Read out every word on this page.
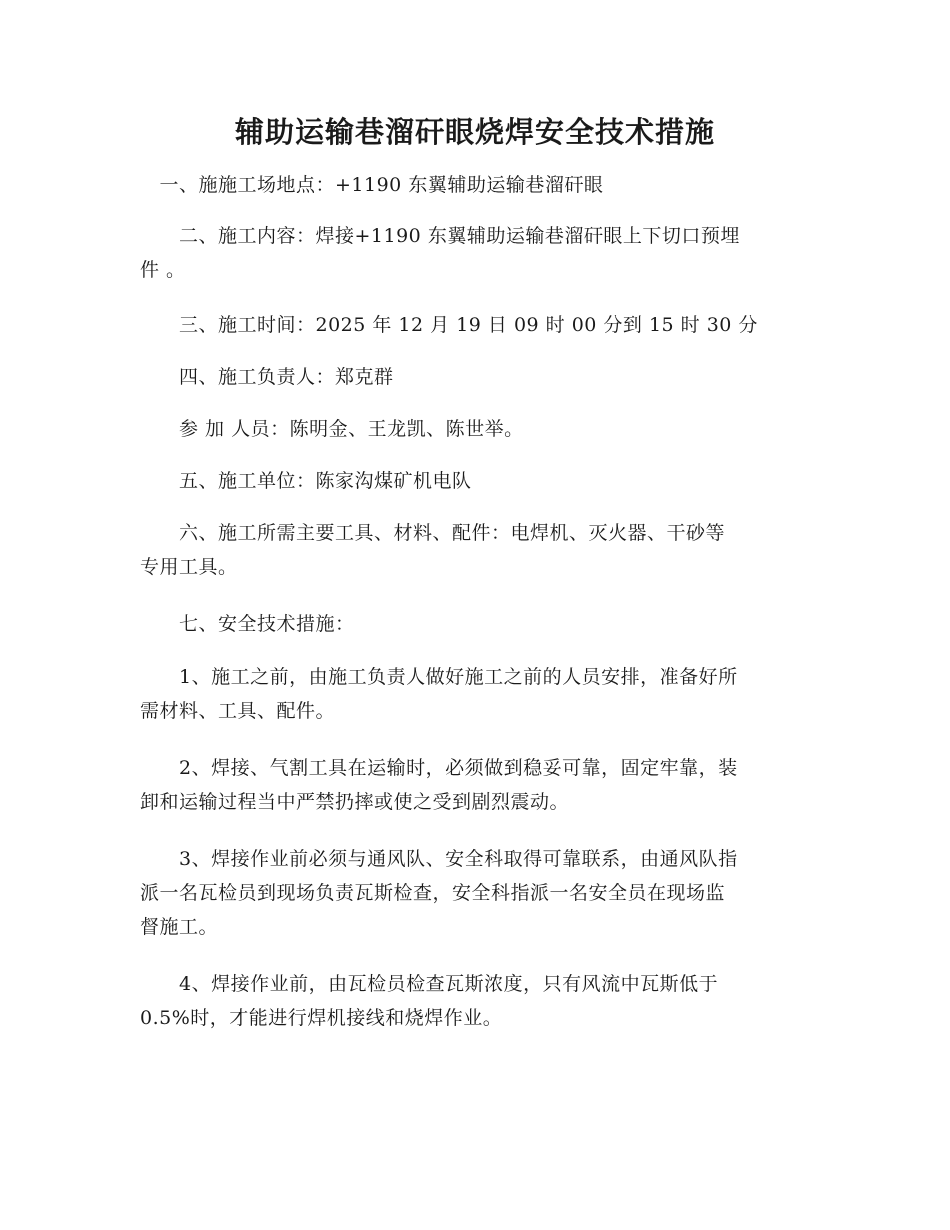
辅助运输巷溜矸眼烧焊安全技术措施
　一、施施工场地点：+1190 东翼辅助运输巷溜矸眼
　　二、施工内容：焊接+1190 东翼辅助运输巷溜矸眼上下切口预埋
件 。
　　三、施工时间：2025 年 12 月 19 日 09 时 00 分到 15 时 30 分
　　四、施工负责人：郑克群
　　参 加 人员：陈明金、王龙凯、陈世举。
　　五、施工单位：陈家沟煤矿机电队
　　六、施工所需主要工具、材料、配件：电焊机、灭火器、干砂等
专用工具。
　　七、安全技术措施：
　　1、施工之前，由施工负责人做好施工之前的人员安排，准备好所
需材料、工具、配件。
　　2、焊接、气割工具在运输时，必须做到稳妥可靠，固定牢靠，装
卸和运输过程当中严禁扔摔或使之受到剧烈震动。
　　3、焊接作业前必须与通风队、安全科取得可靠联系，由通风队指
派一名瓦检员到现场负责瓦斯检查，安全科指派一名安全员在现场监
督施工。
　　4、焊接作业前，由瓦检员检查瓦斯浓度，只有风流中瓦斯低于
0.5%时，才能进行焊机接线和烧焊作业。
